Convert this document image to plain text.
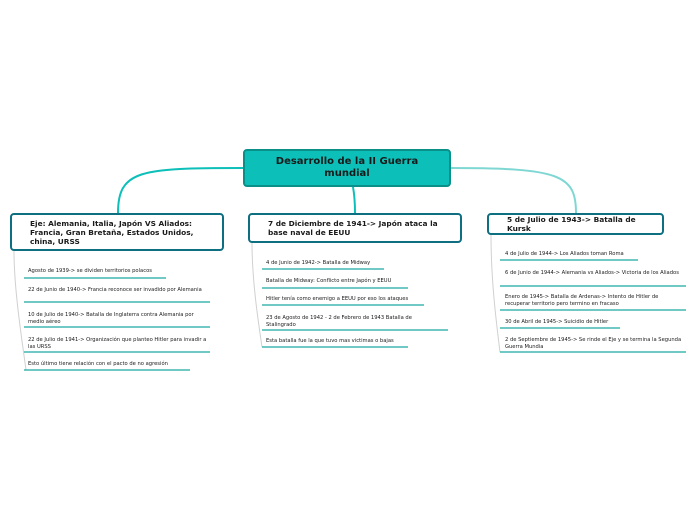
Desarrollo de la II Guerra mundial
Eje: Alemania, Italia, Japón VS Aliados: Francia, Gran Bretaña, Estados Unidos, china, URSS
7 de Diciembre de 1941-> Japón ataca la base naval de EEUU
5 de Julio de 1943-> Batalla de Kursk
Agosto de 1939-> se dividen territorios polacos
22 de Junio de 1940-> Francia reconoce ser invadido por Alemania
10 de Julio de 1940-> Batalla de Inglaterra contra Alemania por medio aéreo
22 de Julio de 1941-> Organización que planteo Hitler para invadir a las URSS
Esto último tiene relación con el pacto de no agresión
4 de Junio de 1942-> Batalla de Midway
Batalla de Midway: Conflicto entre Japón y EEUU
Hitler tenía como enemigo a EEUU por eso los ataques
23 de Agosto de 1942 - 2 de Febrero de 1943 Batalla de Stalingrado
Esta batalla fue la que tuvo mas victimas o bajas
4 de Julio de 1944-> Los Aliados toman Roma
6 de Junio de 1944-> Alemania vs Aliados-> Victoria de los Aliados
Enero de 1945-> Batalla de Ardenas-> Intento de Hitler de recuperar territorio pero termino en fracaso
30 de Abril de 1945-> Suicidio de Hitler
2 de Septiembre de 1945-> Se rinde el Eje y se termina la Segunda Guerra Mundia
